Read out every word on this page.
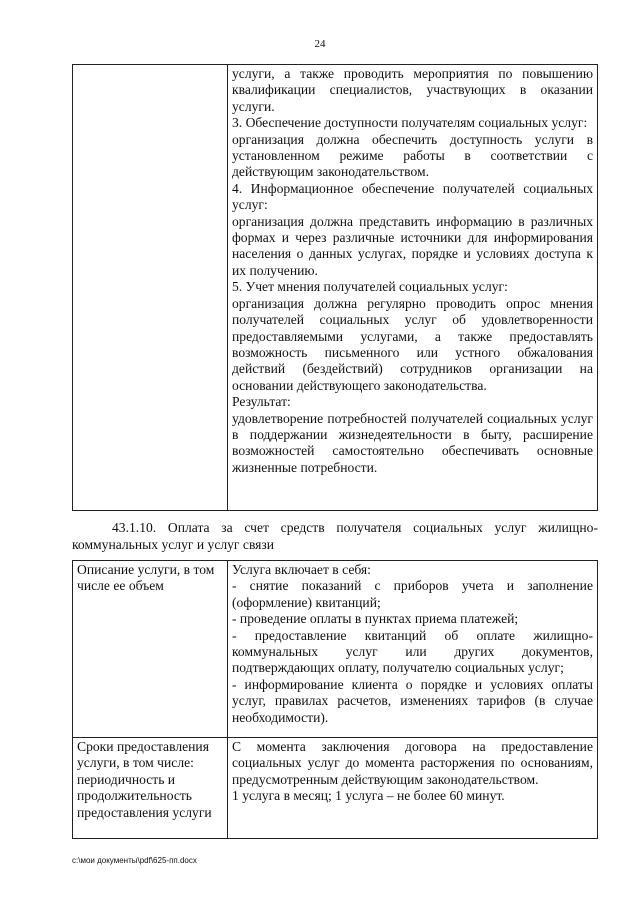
24

услуги, а также проводить мероприятия по повышению квалификации специалистов, участвующих в оказании услуги.
3. Обеспечение доступности получателям социальных услуг:
организация должна обеспечить доступность услуги в установленном режиме работы в соответствии с действующим законодательством.
4. Информационное обеспечение получателей социальных услуг:
организация должна представить информацию в различных формах и через различные источники для информирования населения о данных услугах, порядке и условиях доступа к их получению.
5. Учет мнения получателей социальных услуг:
организация должна регулярно проводить опрос мнения получателей социальных услуг об удовлетворенности предоставляемыми услугами, а также предоставлять возможность письменного или устного обжалования действий (бездействий) сотрудников организации на основании действующего законодательства.
Результат:
удовлетворение потребностей получателей социальных услуг в поддержании жизнедеятельности в быту, расширение возможностей самостоятельно обеспечивать основные жизненные потребности.
43.1.10. Оплата за счет средств получателя социальных услуг жилищно-коммунальных услуг и услуг связи
Описание услуги, в том числе ее объем	Услуга включает в себя:
- снятие показаний с приборов учета и заполнение (оформление) квитанций;
- проведение оплаты в пунктах приема платежей;
- предоставление квитанций об оплате жилищно-коммунальных услуг или других документов, подтверждающих оплату, получателю социальных услуг;
- информирование клиента о порядке и условиях оплаты услуг, правилах расчетов, изменениях тарифов (в случае необходимости).

Сроки предоставления услуги, в том числе: периодичность и продолжительность предоставления услуги	С момента заключения договора на предоставление социальных услуг до момента расторжения по основаниям, предусмотренным действующим законодательством.
1 услуга в месяц; 1 услуга – не более 60 минут.
c:\мои документы\pdf\625-пп.docx
